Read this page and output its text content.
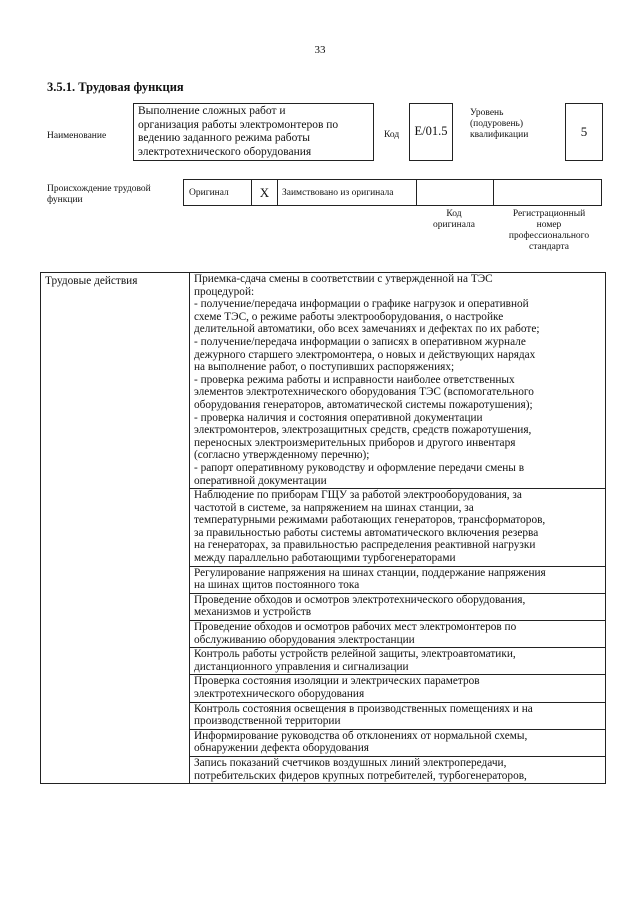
33
3.5.1. Трудовая функция
Наименование
Выполнение сложных работ и
организация работы электромонтеров по
ведению заданного режима работы
электротехнического оборудования
Код	E/01.5
Уровень
(подуровень)
квалификации	5
Происхождение трудовой
функции
Оригинал	X	Заимствовано из оригинала
Код
оригинала
Регистрационный
номер
профессионального
стандарта
Трудовые действия	Приемка-сдача смены в соответствии с утвержденной на ТЭС
процедурой:
- получение/передача информации о графике нагрузок и оперативной
схеме ТЭС, о режиме работы электрооборудования, о настройке
делительной автоматики, обо всех замечаниях и дефектах по их работе;
- получение/передача информации о записях в оперативном журнале
дежурного старшего электромонтера, о новых и действующих нарядах
на выполнение работ, о поступивших распоряжениях;
- проверка режима работы и исправности наиболее ответственных
элементов электротехнического оборудования ТЭС (вспомогательного
оборудования генераторов, автоматической системы пожаротушения);
- проверка наличия и состояния оперативной документации
электромонтеров, электрозащитных средств, средств пожаротушения,
переносных электроизмерительных приборов и другого инвентаря
(согласно утвержденному перечню);
- рапорт оперативному руководству и оформление передачи смены в
оперативной документации

Наблюдение по приборам ГЩУ за работой электрооборудования, за
частотой в системе, за напряжением на шинах станции, за
температурными режимами работающих генераторов, трансформаторов,
за правильностью работы системы автоматического включения резерва
на генераторах, за правильностью распределения реактивной нагрузки
между параллельно работающими турбогенераторами

Регулирование напряжения на шинах станции, поддержание напряжения
на шинах щитов постоянного тока

Проведение обходов и осмотров электротехнического оборудования,
механизмов и устройств

Проведение обходов и осмотров рабочих мест электромонтеров по
обслуживанию оборудования электростанции

Контроль работы устройств релейной защиты, электроавтоматики,
дистанционного управления и сигнализации

Проверка состояния изоляции и электрических параметров
электротехнического оборудования

Контроль состояния освещения в производственных помещениях и на
производственной территории

Информирование руководства об отклонениях от нормальной схемы,
обнаружении дефекта оборудования

Запись показаний счетчиков воздушных линий электропередачи,
потребительских фидеров крупных потребителей, турбогенераторов,
